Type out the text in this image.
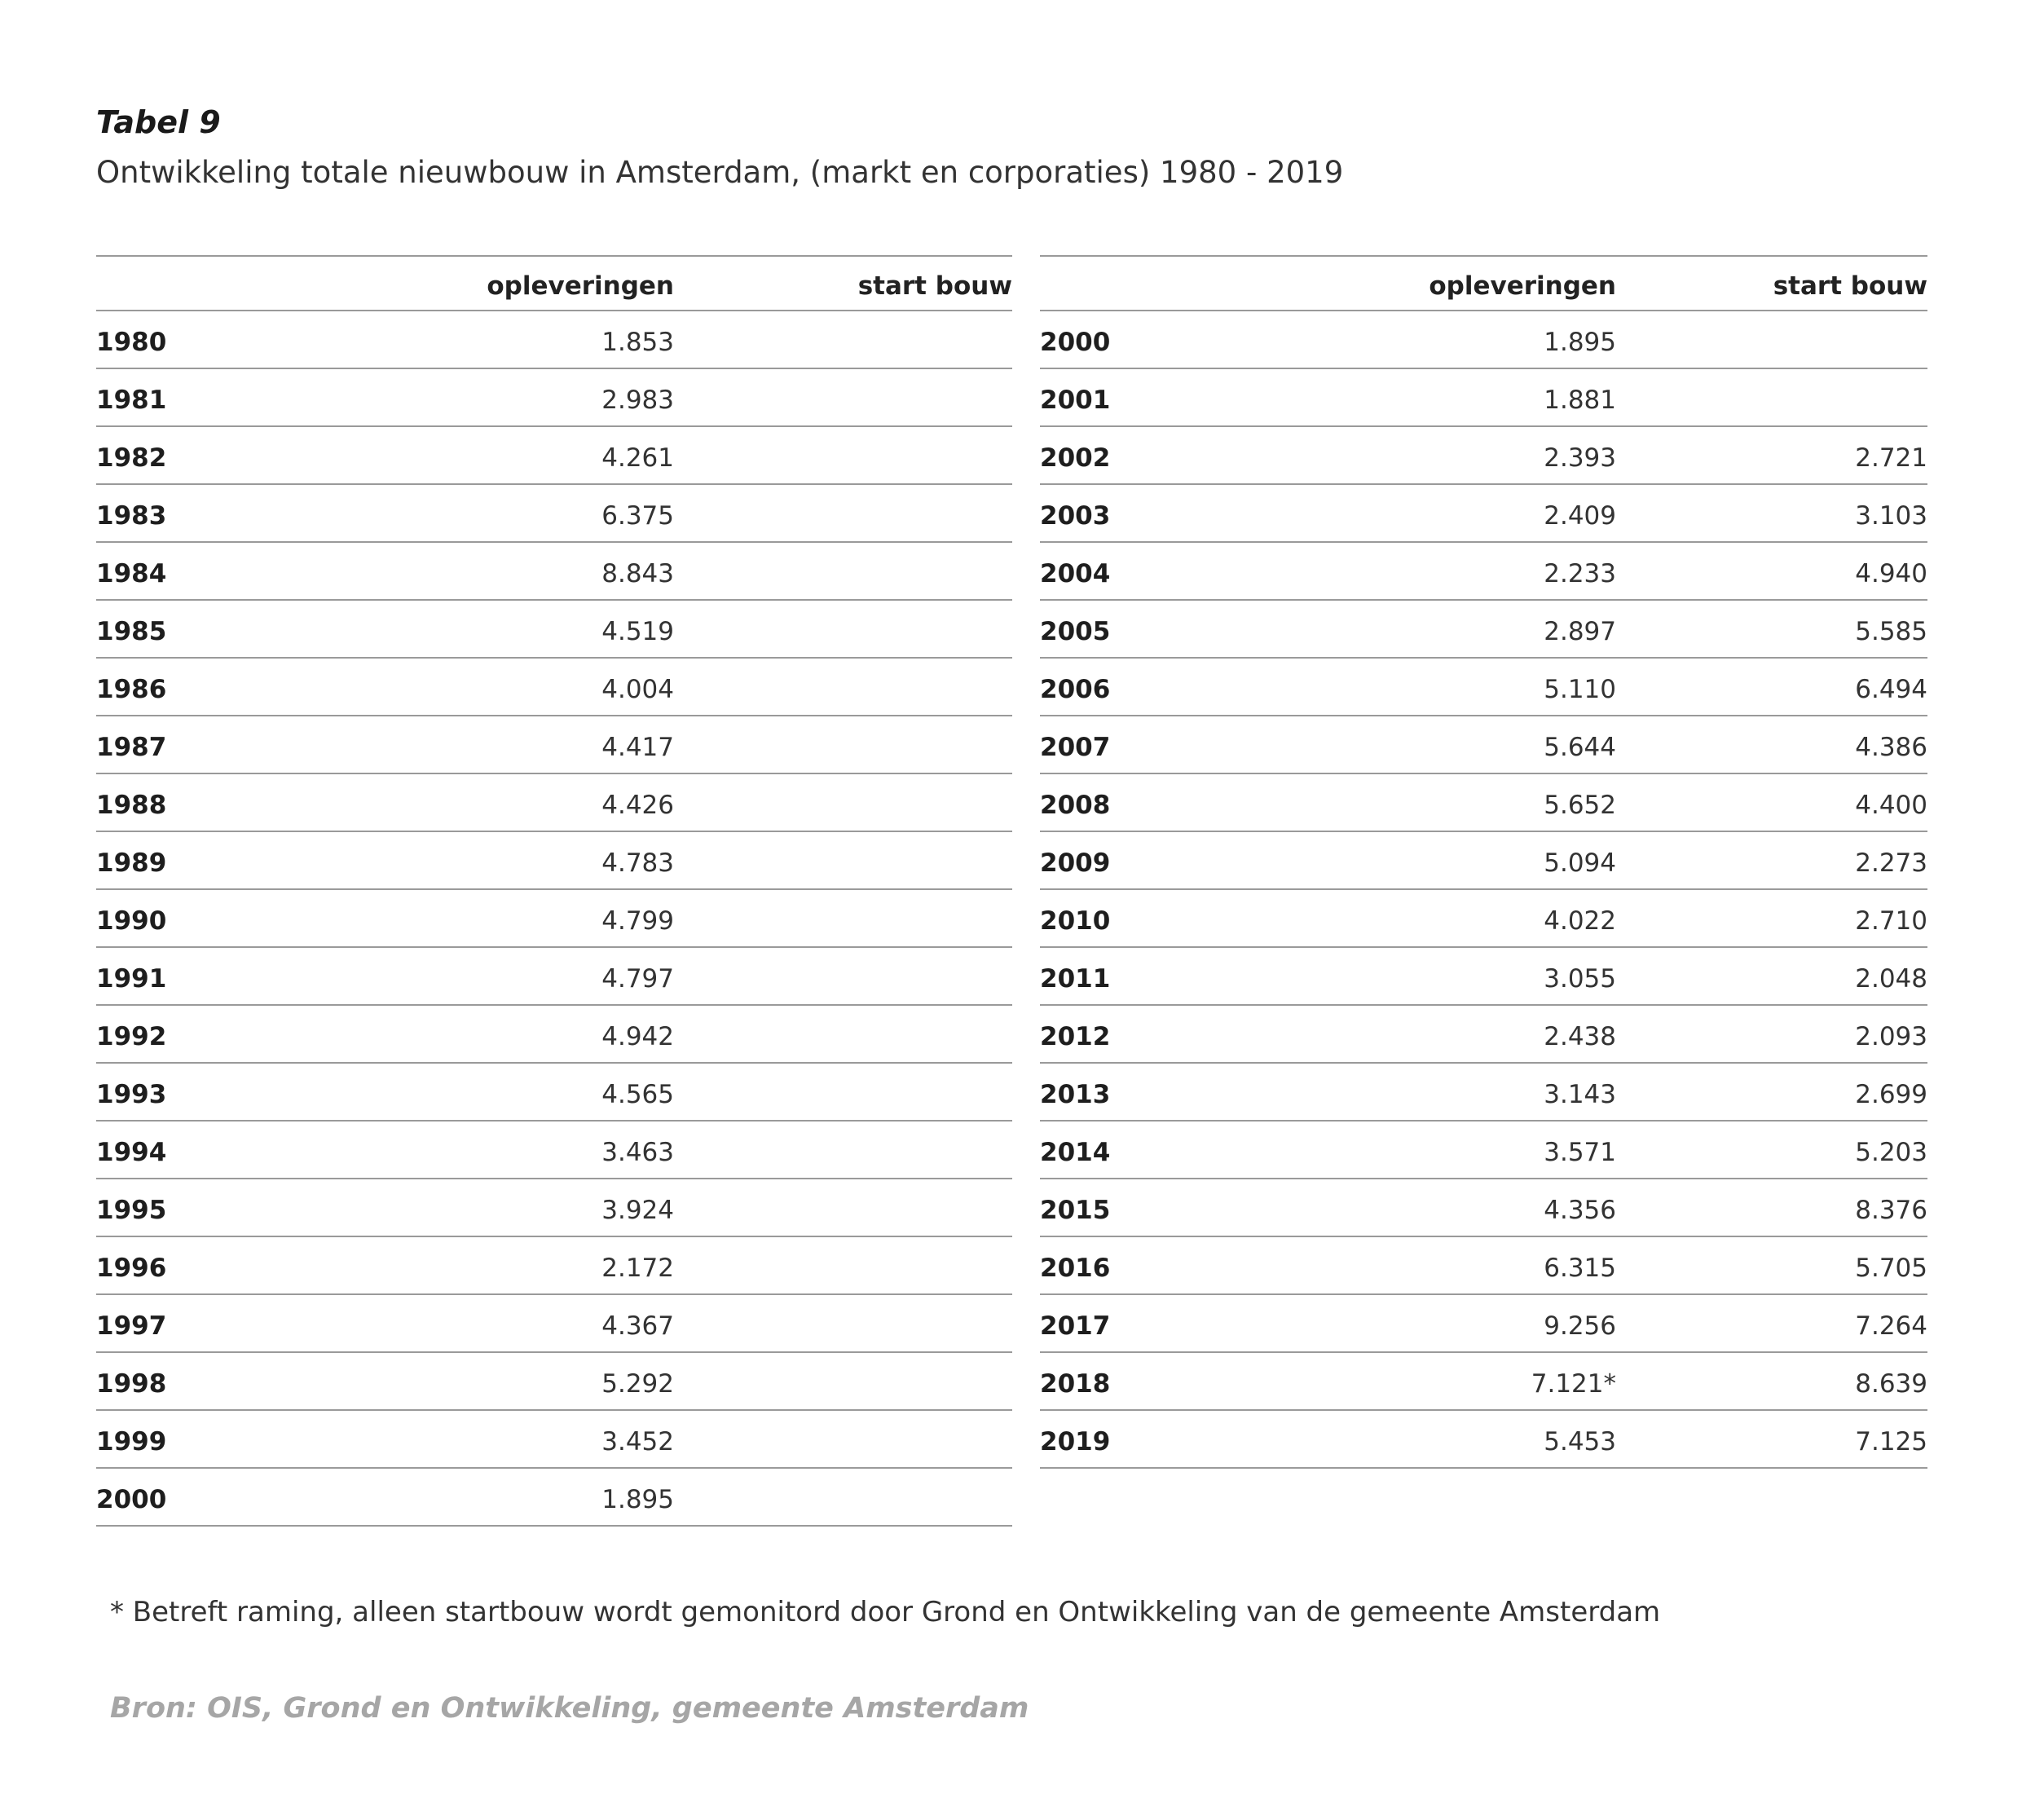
Tabel 9
Ontwikkeling totale nieuwbouw in Amsterdam, (markt en corporaties) 1980 - 2019
opleveringen	start bouw
1980	1.853
1981	2.983
1982	4.261
1983	6.375
1984	8.843
1985	4.519
1986	4.004
1987	4.417
1988	4.426
1989	4.783
1990	4.799
1991	4.797
1992	4.942
1993	4.565
1994	3.463
1995	3.924
1996	2.172
1997	4.367
1998	5.292
1999	3.452
2000	1.895
opleveringen	start bouw
2000	1.895
2001	1.881
2002	2.393	2.721
2003	2.409	3.103
2004	2.233	4.940
2005	2.897	5.585
2006	5.110	6.494
2007	5.644	4.386
2008	5.652	4.400
2009	5.094	2.273
2010	4.022	2.710
2011	3.055	2.048
2012	2.438	2.093
2013	3.143	2.699
2014	3.571	5.203
2015	4.356	8.376
2016	6.315	5.705
2017	9.256	7.264
2018	7.121*	8.639
2019	5.453	7.125
* Betreft raming, alleen startbouw wordt gemonitord door Grond en Ontwikkeling van de gemeente Amsterdam
Bron: OIS, Grond en Ontwikkeling, gemeente Amsterdam
